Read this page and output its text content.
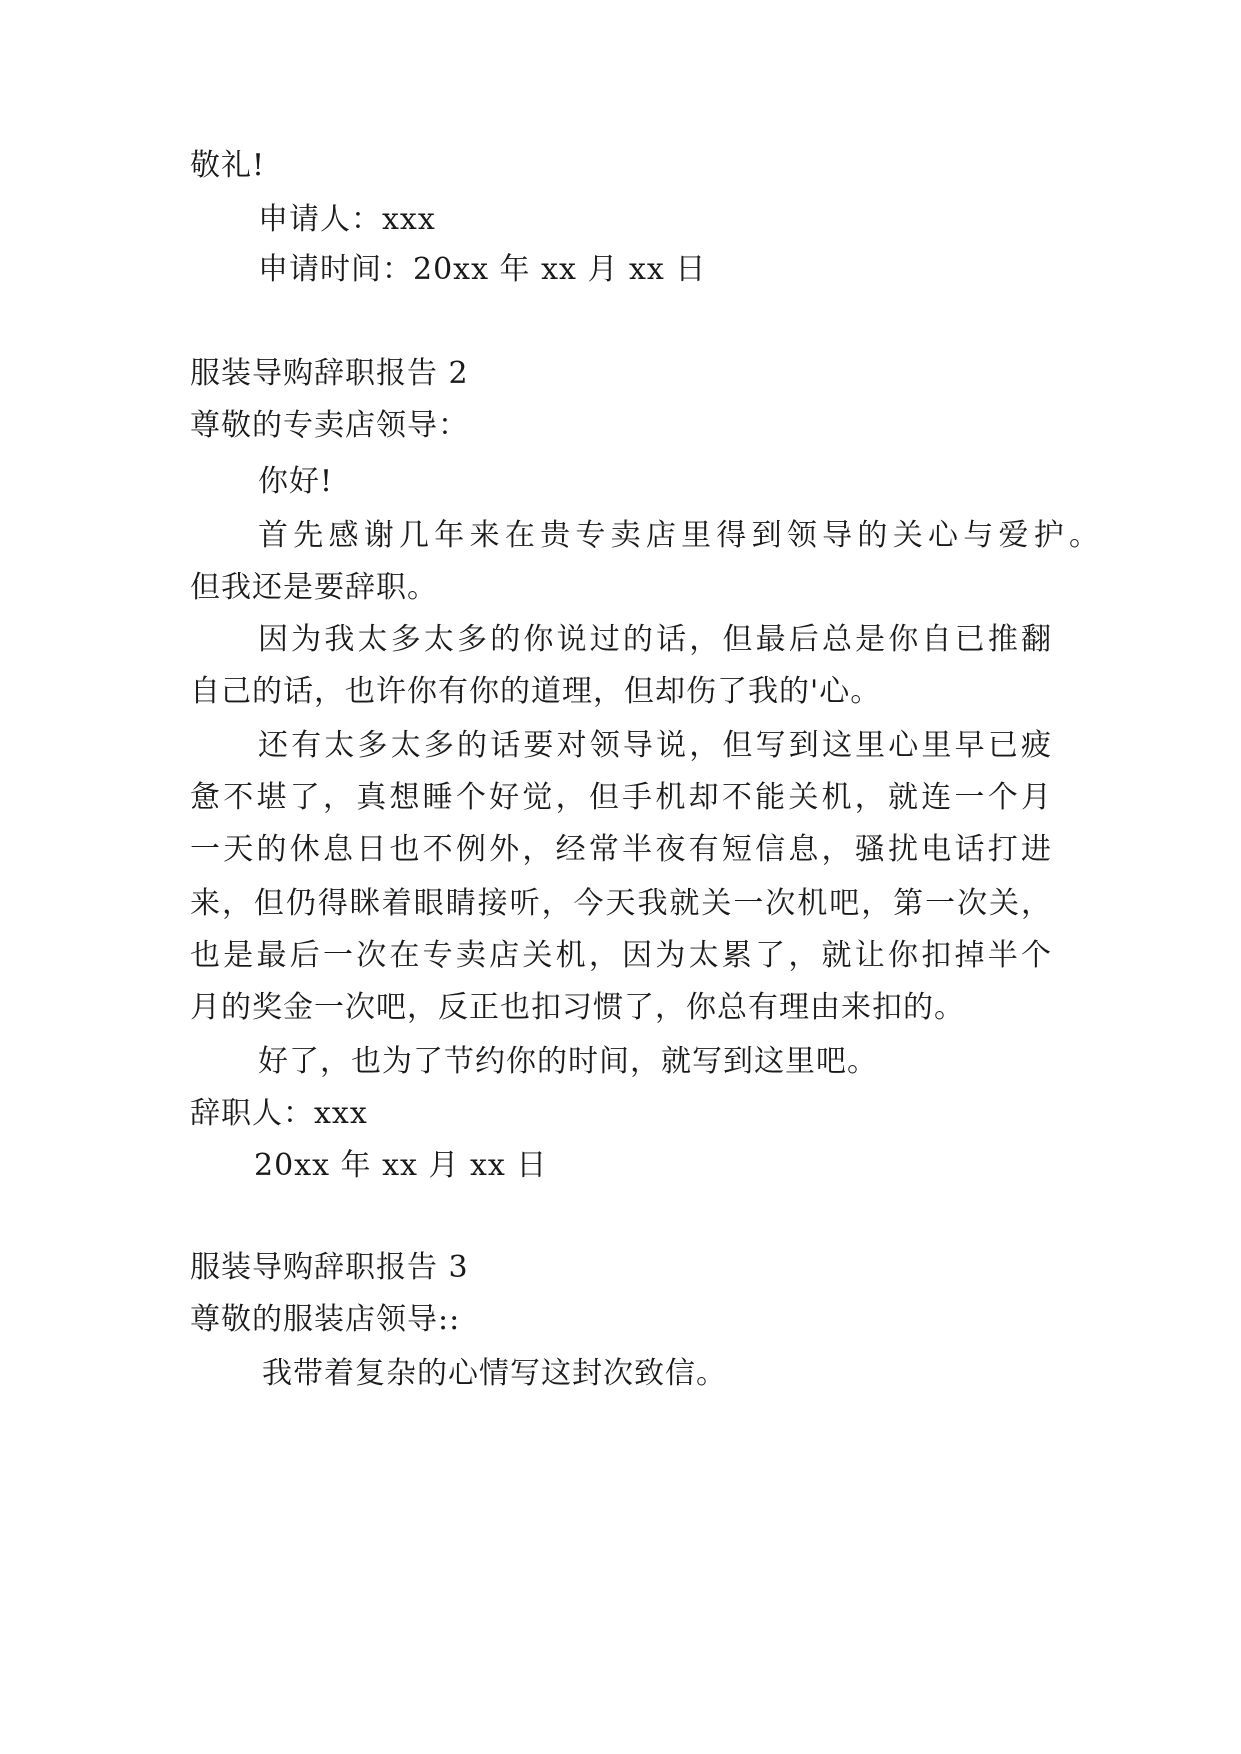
敬礼!
申请人：xxx
申请时间：20xx 年 xx 月 xx 日
服装导购辞职报告 2
尊敬的专卖店领导：
你好!
首先感谢几年来在贵专卖店里得到领导的关心与爱护。
但我还是要辞职。
因为我太多太多的你说过的话，但最后总是你自已推翻
自己的话，也许你有你的道理，但却伤了我的'心。
还有太多太多的话要对领导说，但写到这里心里早已疲
惫不堪了，真想睡个好觉，但手机却不能关机，就连一个月
一天的休息日也不例外，经常半夜有短信息，骚扰电话打进
来，但仍得眯着眼睛接听，今天我就关一次机吧，第一次关，
也是最后一次在专卖店关机，因为太累了，就让你扣掉半个
月的奖金一次吧，反正也扣习惯了，你总有理由来扣的。
好了，也为了节约你的时间，就写到这里吧。
辞职人：xxx
20xx 年 xx 月 xx 日
服装导购辞职报告 3
尊敬的服装店领导::
我带着复杂的心情写这封次致信。
